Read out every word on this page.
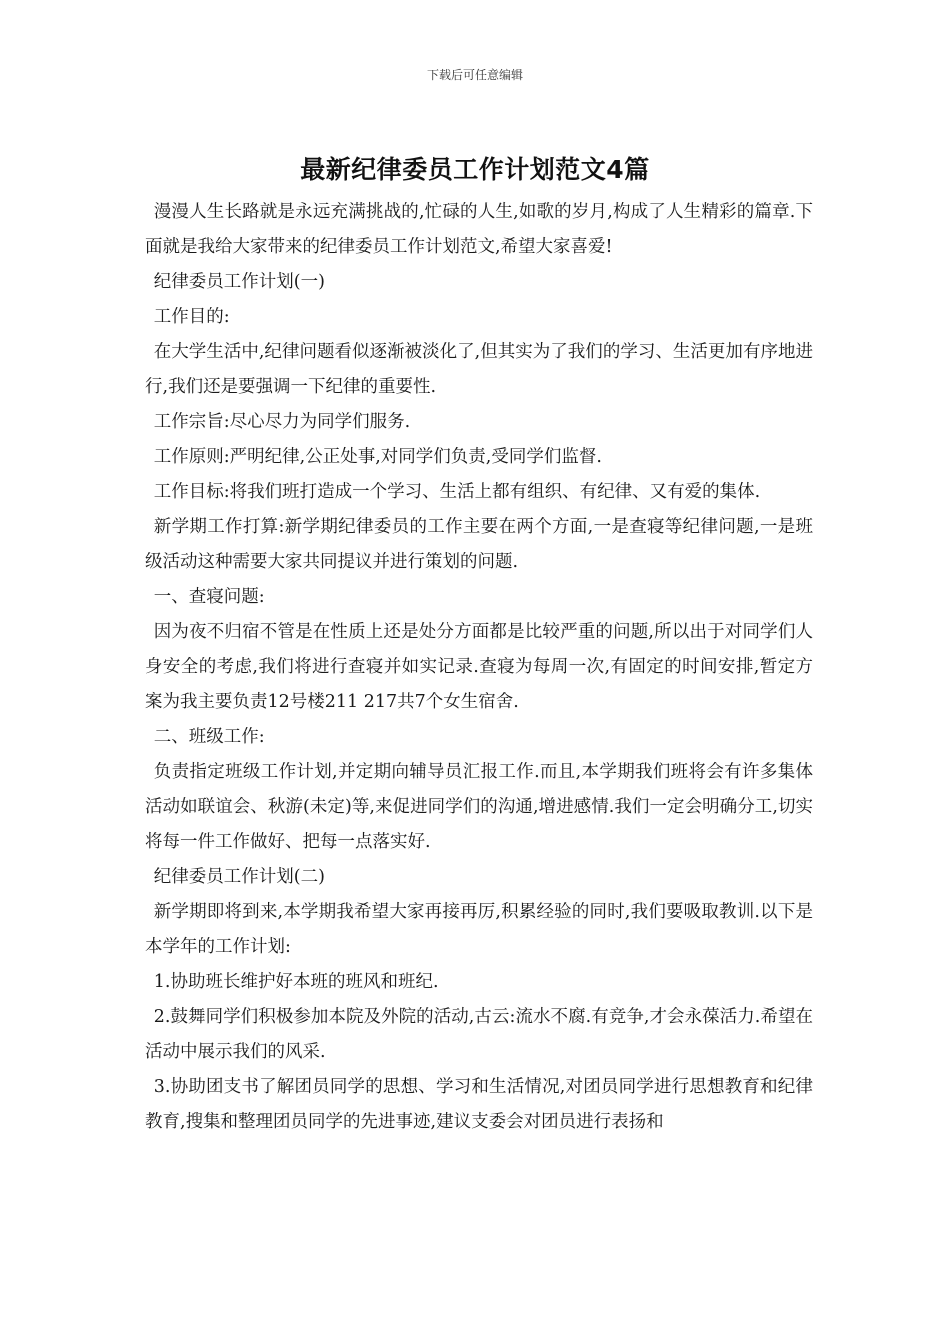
下载后可任意编辑
最新纪律委员工作计划范文4篇

漫漫人生长路就是永远充满挑战的,忙碌的人生,如歌的岁月,构成了人生精彩的篇章.下面就是我给大家带来的纪律委员工作计划范文,希望大家喜爱!

纪律委员工作计划(一)

工作目的:

在大学生活中,纪律问题看似逐渐被淡化了,但其实为了我们的学习、生活更加有序地进行,我们还是要强调一下纪律的重要性.

工作宗旨:尽心尽力为同学们服务.

工作原则:严明纪律,公正处事,对同学们负责,受同学们监督.

工作目标:将我们班打造成一个学习、生活上都有组织、有纪律、又有爱的集体.

新学期工作打算:新学期纪律委员的工作主要在两个方面,一是查寝等纪律问题,一是班级活动这种需要大家共同提议并进行策划的问题.

一、查寝问题:

因为夜不归宿不管是在性质上还是处分方面都是比较严重的问题,所以出于对同学们人身安全的考虑,我们将进行查寝并如实记录.查寝为每周一次,有固定的时间安排,暂定方案为我主要负责12号楼211 217共7个女生宿舍.

二、班级工作:

负责指定班级工作计划,并定期向辅导员汇报工作.而且,本学期我们班将会有许多集体活动如联谊会、秋游(未定)等,来促进同学们的沟通,增进感情.我们一定会明确分工,切实将每一件工作做好、把每一点落实好.

纪律委员工作计划(二)

新学期即将到来,本学期我希望大家再接再厉,积累经验的同时,我们要吸取教训.以下是本学年的工作计划:

1.协助班长维护好本班的班风和班纪.

2.鼓舞同学们积极参加本院及外院的活动,古云:流水不腐.有竞争,才会永葆活力.希望在活动中展示我们的风采.

3.协助团支书了解团员同学的思想、学习和生活情况,对团员同学进行思想教育和纪律教育,搜集和整理团员同学的先进事迹,建议支委会对团员进行表扬和
